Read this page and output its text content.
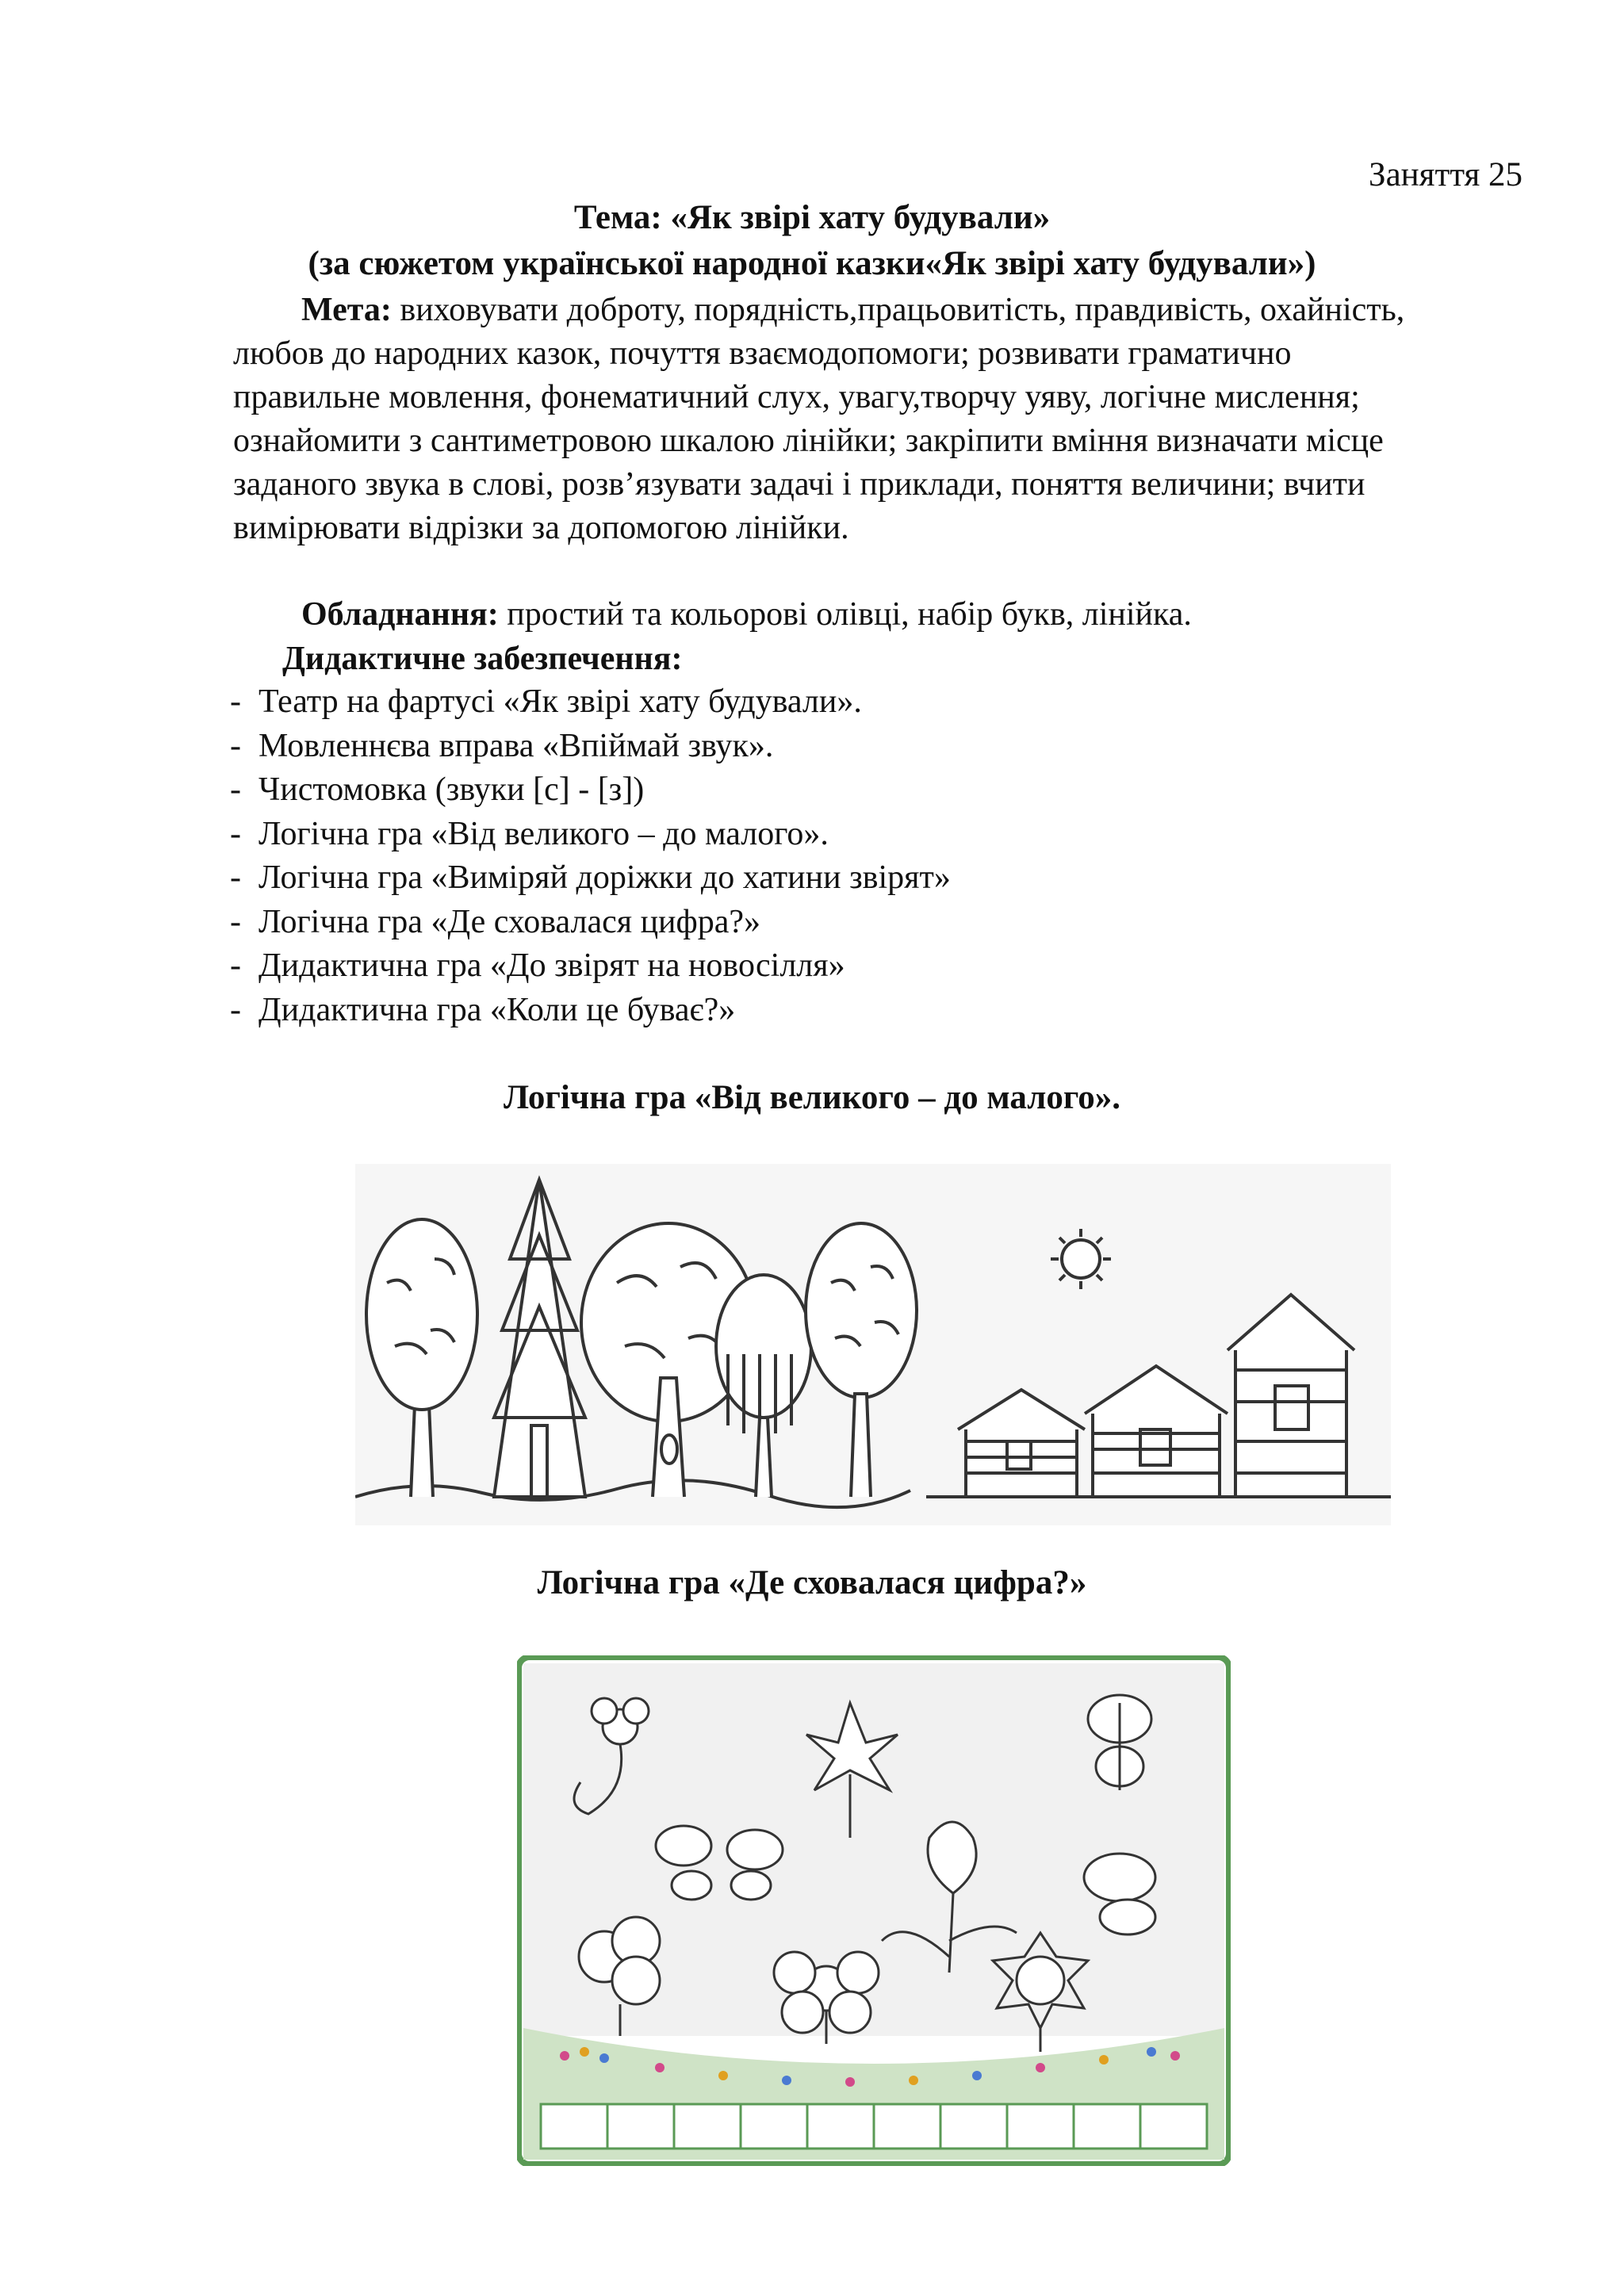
Заняття 25
Тема: «Як звірі хату будували»
(за сюжетом української народної казки«Як звірі хату будували»)
Мета: виховувати доброту, порядність,працьовитість, правдивість, охайність, любов до народних казок, почуття взаємодопомоги; розвивати граматично правильне мовлення, фонематичний слух, увагу,творчу уяву, логічне мислення; ознайомити з сантиметровою шкалою лінійки; закріпити вміння визначати місце заданого звука в слові, розв’язувати задачі і приклади, поняття величини; вчити вимірювати відрізки за допомогою лінійки.
Обладнання: простий та кольорові олівці, набір букв, лінійка.
Дидактичне забезпечення:
- Театр на фартусі «Як звірі хату будували».
- Мовленнєва вправа «Впіймай звук».
- Чистомовка (звуки [с] - [з])
- Логічна гра «Від великого – до малого».
- Логічна гра «Виміряй доріжки до хатини звірят»
- Логічна гра «Де сховалася цифра?»
- Дидактична гра «До звірят на новосілля»
- Дидактична гра «Коли це буває?»
Логічна гра «Від великого – до малого».
Логічна гра «Де сховалася цифра?»
